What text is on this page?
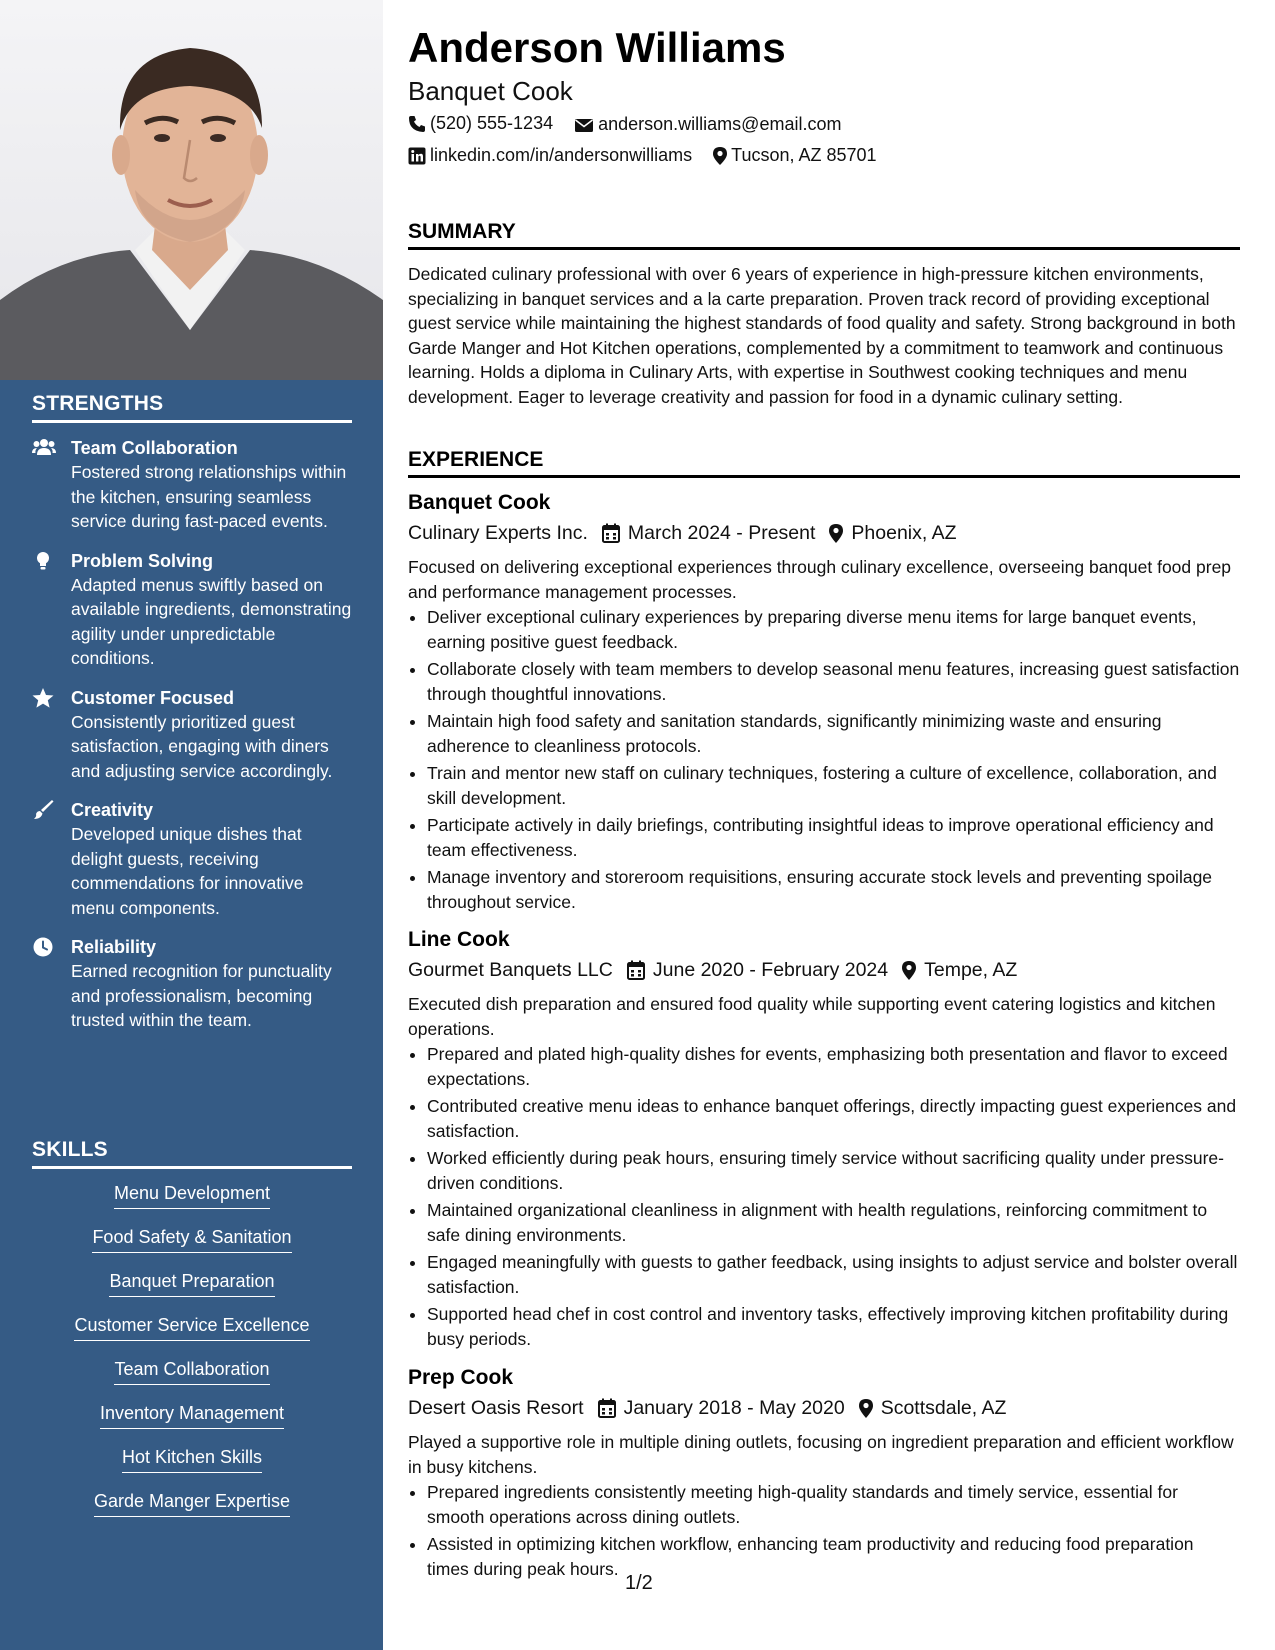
STRENGTHS
Team Collaboration
Fostered strong relationships within the kitchen, ensuring seamless service during fast-paced events.
Problem Solving
Adapted menus swiftly based on available ingredients, demonstrating agility under unpredictable conditions.
Customer Focused
Consistently prioritized guest satisfaction, engaging with diners and adjusting service accordingly.
Creativity
Developed unique dishes that delight guests, receiving commendations for innovative menu components.
Reliability
Earned recognition for punctuality and professionalism, becoming trusted within the team.
SKILLS
Menu Development
Food Safety & Sanitation
Banquet Preparation
Customer Service Excellence
Team Collaboration
Inventory Management
Hot Kitchen Skills
Garde Manger Expertise
Anderson Williams
Banquet Cook
(520) 555-1234
	anderson.williams@email.com
linkedin.com/in/andersonwilliams
Tucson, AZ 85701
SUMMARY
Dedicated culinary professional with over 6 years of experience in high-pressure kitchen environments, specializing in banquet services and a la carte preparation. Proven track record of providing exceptional guest service while maintaining the highest standards of food quality and safety. Strong background in both Garde Manger and Hot Kitchen operations, complemented by a commitment to teamwork and continuous learning. Holds a diploma in Culinary Arts, with expertise in Southwest cooking techniques and menu development. Eager to leverage creativity and passion for food in a dynamic culinary setting.
EXPERIENCE
Banquet Cook
Culinary Experts Inc. March 2024 - Present Phoenix, AZ
Focused on delivering exceptional experiences through culinary excellence, overseeing banquet food prep and performance management processes.
• Deliver exceptional culinary experiences by preparing diverse menu items for large banquet events, earning positive guest feedback.
• Collaborate closely with team members to develop seasonal menu features, increasing guest satisfaction through thoughtful innovations.
• Maintain high food safety and sanitation standards, significantly minimizing waste and ensuring adherence to cleanliness protocols.
• Train and mentor new staff on culinary techniques, fostering a culture of excellence, collaboration, and skill development.
• Participate actively in daily briefings, contributing insightful ideas to improve operational efficiency and team effectiveness.
• Manage inventory and storeroom requisitions, ensuring accurate stock levels and preventing spoilage throughout service.
Line Cook
Gourmet Banquets LLC June 2020 - February 2024 Tempe, AZ
Executed dish preparation and ensured food quality while supporting event catering logistics and kitchen operations.
• Prepared and plated high-quality dishes for events, emphasizing both presentation and flavor to exceed expectations.
• Contributed creative menu ideas to enhance banquet offerings, directly impacting guest experiences and satisfaction.
• Worked efficiently during peak hours, ensuring timely service without sacrificing quality under pressure-driven conditions.
• Maintained organizational cleanliness in alignment with health regulations, reinforcing commitment to safe dining environments.
• Engaged meaningfully with guests to gather feedback, using insights to adjust service and bolster overall satisfaction.
• Supported head chef in cost control and inventory tasks, effectively improving kitchen profitability during busy periods.
Prep Cook
Desert Oasis Resort January 2018 - May 2020 Scottsdale, AZ
Played a supportive role in multiple dining outlets, focusing on ingredient preparation and efficient workflow in busy kitchens.
• Prepared ingredients consistently meeting high-quality standards and timely service, essential for smooth operations across dining outlets.
• Assisted in optimizing kitchen workflow, enhancing team productivity and reducing food preparation times during peak hours.
1/2
